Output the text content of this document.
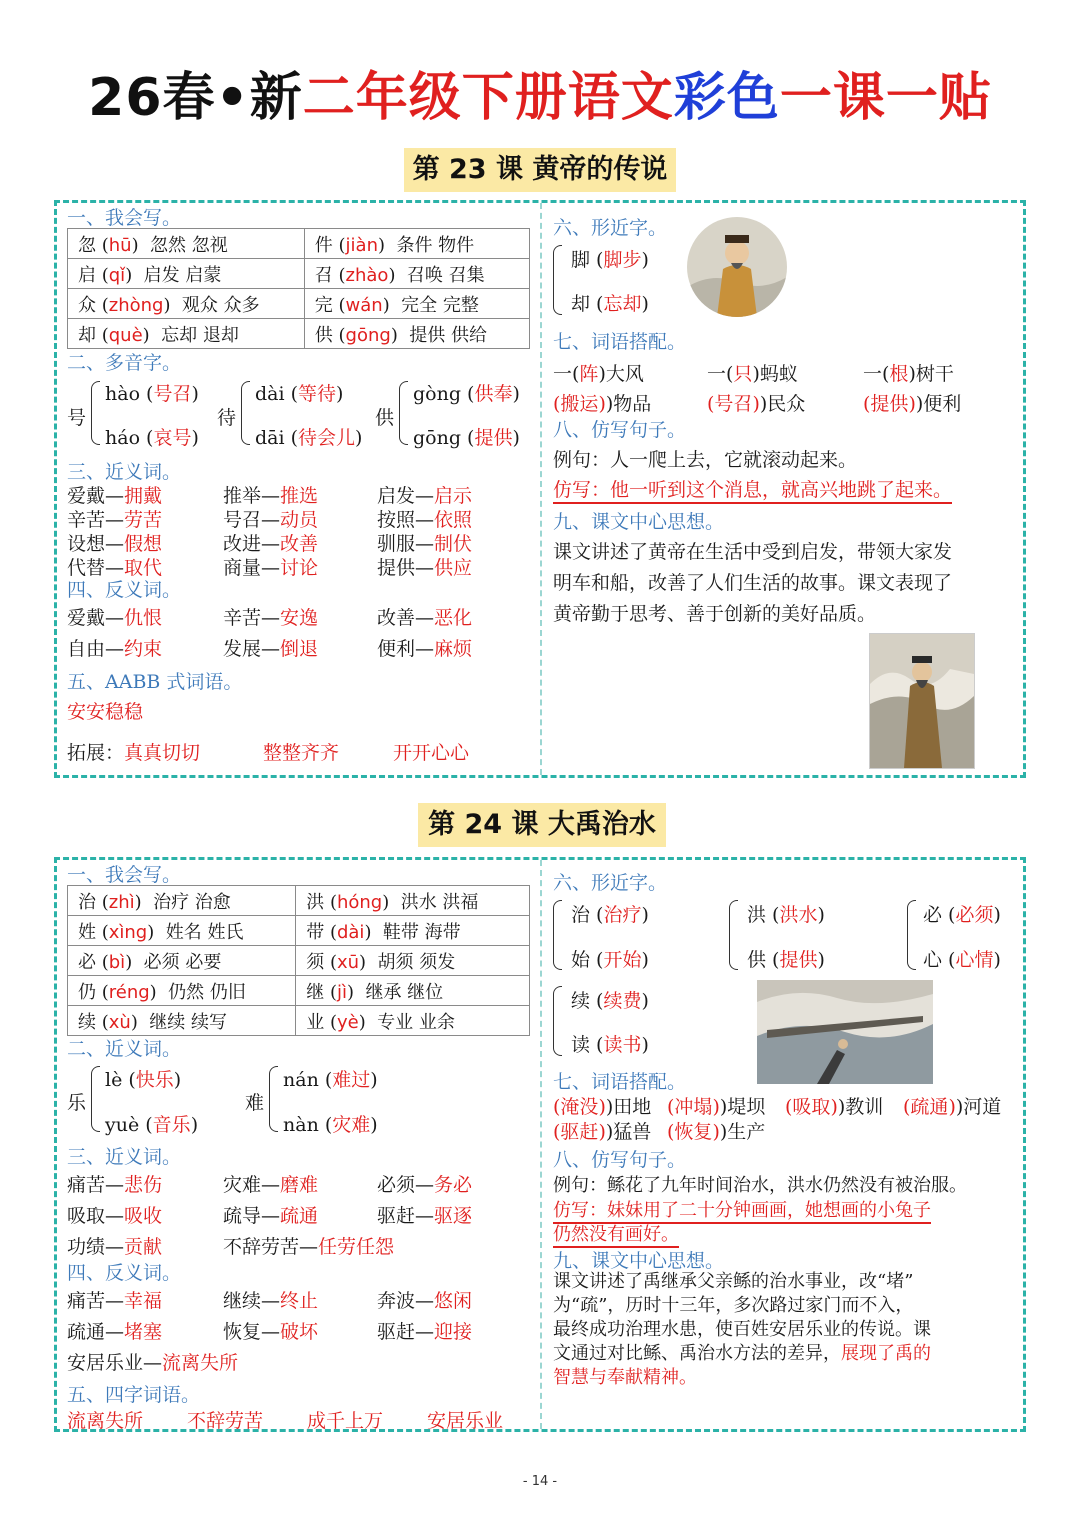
26春•新二年级下册语文彩色一课一贴
第 23 课 黄帝的传说
一、我会写。
忽 (hū)  忽然 忽视	件 (jiàn)  条件 物件
启 (qǐ)  启发 启蒙	召 (zhào)  召唤 召集
众 (zhòng)  观众 众多	完 (wán)  完全 完整
却 (què)  忘却 退却	供 (gōng)  提供 供给
二、多音字。
号
hào (号召)
háo (哀号)
待
dài (等待)
dāi (待会儿)
供
gòng (供奉)
gōng (提供)
三、近义词。
爱戴—拥戴	推举—推选	启发—启示
辛苦—劳苦	号召—动员	按照—依照
设想—假想	改进—改善	驯服—制伏
代替—取代	商量—讨论	提供—供应
四、反义词。
爱戴—仇恨	辛苦—安逸	改善—恶化
自由—约束	发展—倒退	便利—麻烦
五、AABB 式词语。
安安稳稳
拓展：真真切切	整整齐齐	开开心心
六、形近字。
脚 (脚步)
却 (忘却)
七、词语搭配。
一(阵)大风	一(只)蚂蚁	一(根)树干
(搬运))物品	(号召))民众	(提供))便利
八、仿写句子。
例句：人一爬上去，它就滚动起来。
仿写：他一听到这个消息，就高兴地跳了起来。
九、课文中心思想。
课文讲述了黄帝在生活中受到启发，带领大家发
明车和船，改善了人们生活的故事。课文表现了
黄帝勤于思考、善于创新的美好品质。
第 24 课 大禹治水
一、我会写。
治 (zhì)  治疗 治愈	洪 (hóng)  洪水 洪福
姓 (xìng)  姓名 姓氏	带 (dài)  鞋带 海带
必 (bì)  必须 必要	须 (xū)  胡须 须发
仍 (réng)  仍然 仍旧	继 (jì)  继承 继位
续 (xù)  继续 续写	业 (yè)  专业 业余
二、近义词。
乐
lè (快乐)
yuè (音乐)
难
nán (难过)
nàn (灾难)
三、近义词。
痛苦—悲伤	灾难—磨难	必须—务必
吸取—吸收	疏导—疏通	驱赶—驱逐
功绩—贡献	不辞劳苦—任劳任怨
四、反义词。
痛苦—幸福	继续—终止	奔波—悠闲
疏通—堵塞	恢复—破坏	驱赶—迎接
安居乐业—流离失所
五、四字词语。
流离失所 不辞劳苦 成千上万 安居乐业
六、形近字。
治 (治疗)
始 (开始)
洪 (洪水)
供 (提供)
必 (必须)
心 (心情)
续 (续费)
读 (读书)
七、词语搭配。
(淹没))田地 (冲塌))堤坝 (吸取))教训 (疏通))河道
(驱赶))猛兽 (恢复))生产
八、仿写句子。
例句：鲧花了九年时间治水，洪水仍然没有被治服。
仿写：妹妹用了二十分钟画画，她想画的小兔子
仍然没有画好。
九、课文中心思想。
课文讲述了禹继承父亲鲧的治水事业，改“堵”
为“疏”，历时十三年，多次路过家门而不入，
最终成功治理水患，使百姓安居乐业的传说。课
文通过对比鲧、禹治水方法的差异，展现了禹的
智慧与奉献精神。
- 14 -
